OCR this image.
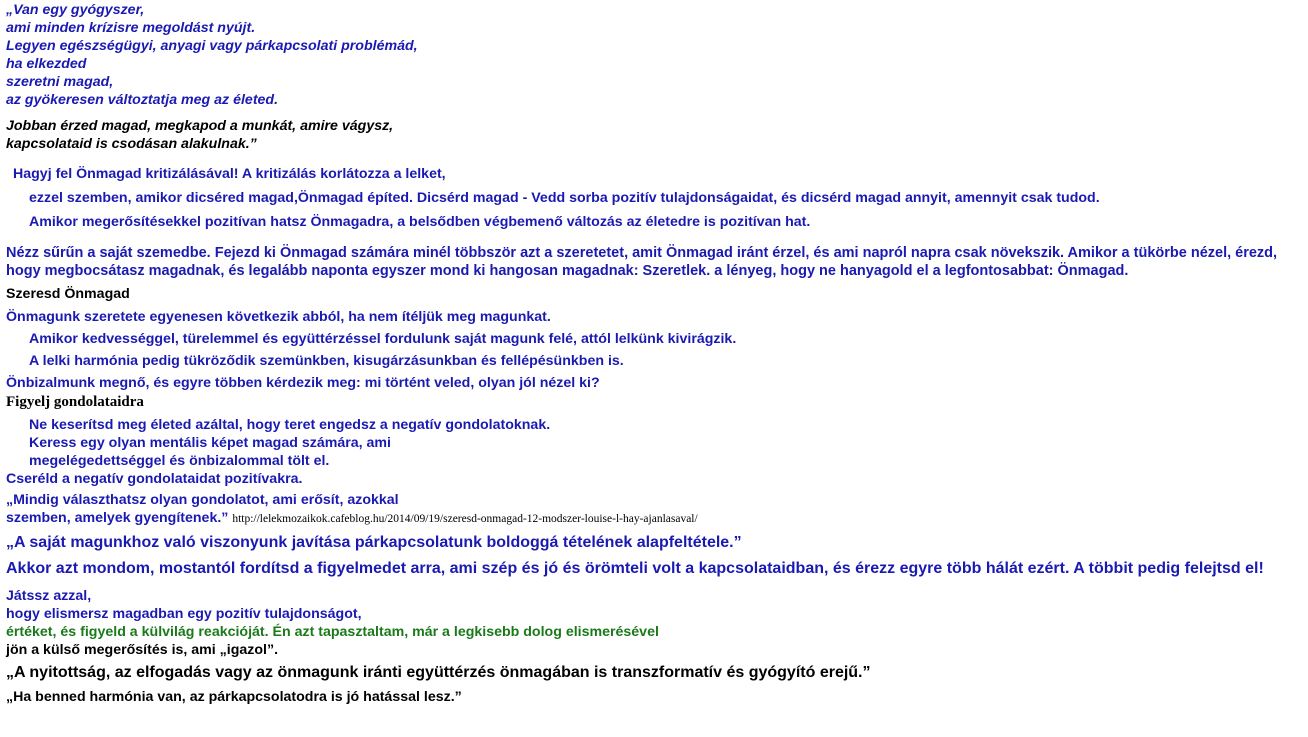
„Van egy gyógyszer,
ami minden krízisre megoldást nyújt.
Legyen egészségügyi, anyagi vagy párkapcsolati problémád,
ha elkezded
szeretni magad,
az gyökeresen változtatja meg az életed.
Jobban érzed magad, megkapod a munkát, amire vágysz,
kapcsolataid is csodásan alakulnak.”
Hagyj fel Önmagad kritizálásával! A kritizálás korlátozza a lelket,
ezzel szemben, amikor dicséred magad,Önmagad építed. Dicsérd magad - Vedd sorba pozitív tulajdonságaidat, és dicsérd magad annyit, amennyit csak tudod.
Amikor megerősítésekkel pozitívan hatsz Önmagadra, a belsődben végbemenő változás az életedre is pozitívan hat.
Nézz sűrűn a saját szemedbe. Fejezd ki Önmagad számára minél többször azt a szeretetet, amit Önmagad iránt érzel, és ami napról napra csak növekszik. Amikor a tükörbe nézel, érezd,
hogy megbocsátasz magadnak, és legalább naponta egyszer mond ki hangosan magadnak: Szeretlek. a lényeg, hogy ne hanyagold el a legfontosabbat: Önmagad.
Szeresd Önmagad
Önmagunk szeretete egyenesen következik abból, ha nem ítéljük meg magunkat.
Amikor kedvességgel, türelemmel és együttérzéssel fordulunk saját magunk felé, attól lelkünk kivirágzik.
A lelki harmónia pedig tükröződik szemünkben, kisugárzásunkban és fellépésünkben is.
Önbizalmunk megnő, és egyre többen kérdezik meg: mi történt veled, olyan jól nézel ki?
Figyelj gondolataidra
Ne keserítsd meg életed azáltal, hogy teret engedsz a negatív gondolatoknak.
Keress egy olyan mentális képet magad számára, ami
megelégedettséggel és önbizalommal tölt el.
Cseréld a negatív gondolataidat pozitívakra.
„Mindig választhatsz olyan gondolatot, ami erősít, azokkal
szemben, amelyek gyengítenek.” http://lelekmozaikok.cafeblog.hu/2014/09/19/szeresd-onmagad-12-modszer-louise-l-hay-ajanlasaval/
„A saját magunkhoz való viszonyunk javítása párkapcsolatunk boldoggá tételének alapfeltétele.”
Akkor azt mondom, mostantól fordítsd a figyelmedet arra, ami szép és jó és örömteli volt a kapcsolataidban, és érezz egyre több hálát ezért. A többit pedig felejtsd el!
Játssz azzal,
hogy elismersz magadban egy pozitív tulajdonságot,
értéket, és figyeld a külvilág reakcióját. Én azt tapasztaltam, már a legkisebb dolog elismerésével
jön a külső megerősítés is, ami „igazol”.
„A nyitottság, az elfogadás vagy az önmagunk iránti együttérzés önmagában is transzformatív és gyógyító erejű.”
„Ha benned harmónia van, az párkapcsolatodra is jó hatással lesz.”
